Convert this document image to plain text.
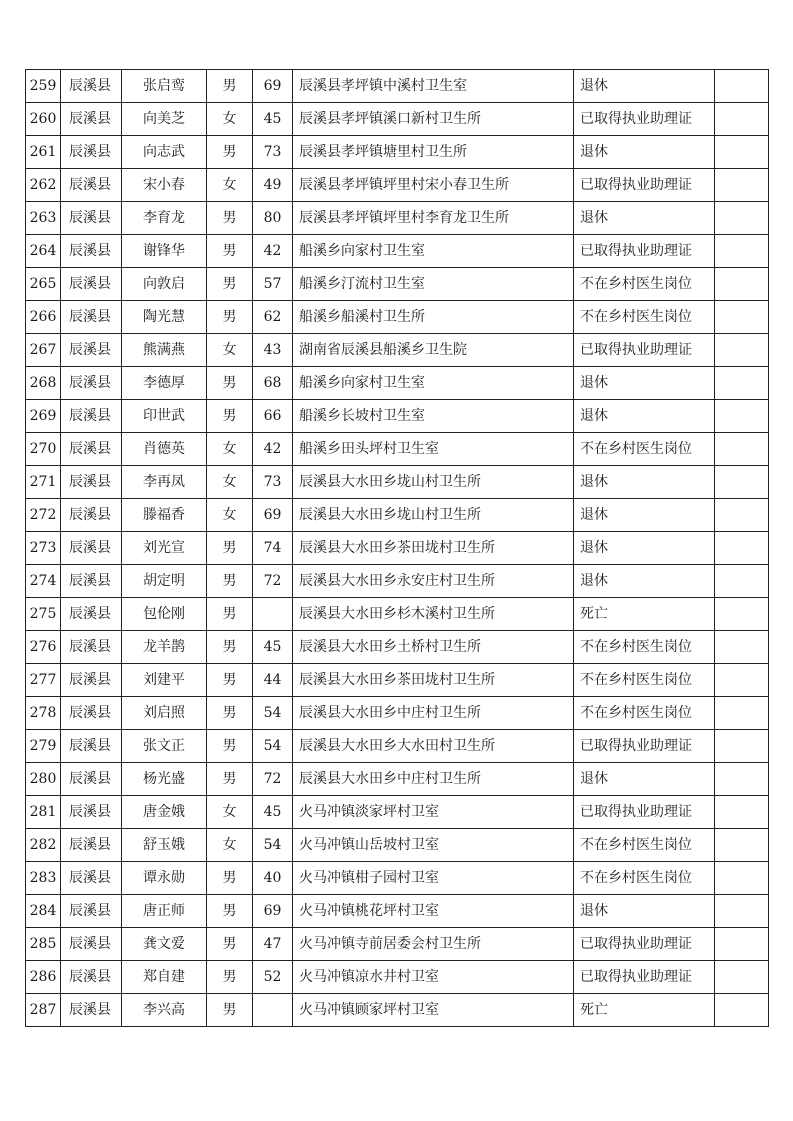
259	辰溪县	张启鸾	男	69	辰溪县孝坪镇中溪村卫生室	退休	
260	辰溪县	向美芝	女	45	辰溪县孝坪镇溪口新村卫生所	已取得执业助理证	
261	辰溪县	向志武	男	73	辰溪县孝坪镇塘里村卫生所	退休	
262	辰溪县	宋小春	女	49	辰溪县孝坪镇坪里村宋小春卫生所	已取得执业助理证	
263	辰溪县	李育龙	男	80	辰溪县孝坪镇坪里村李育龙卫生所	退休	
264	辰溪县	谢锋华	男	42	船溪乡向家村卫生室	已取得执业助理证	
265	辰溪县	向敦启	男	57	船溪乡汀流村卫生室	不在乡村医生岗位	
266	辰溪县	陶光慧	男	62	船溪乡船溪村卫生所	不在乡村医生岗位	
267	辰溪县	熊满燕	女	43	湖南省辰溪县船溪乡卫生院	已取得执业助理证	
268	辰溪县	李德厚	男	68	船溪乡向家村卫生室	退休	
269	辰溪县	印世武	男	66	船溪乡长坡村卫生室	退休	
270	辰溪县	肖德英	女	42	船溪乡田头坪村卫生室	不在乡村医生岗位	
271	辰溪县	李再凤	女	73	辰溪县大水田乡垅山村卫生所	退休	
272	辰溪县	滕福香	女	69	辰溪县大水田乡垅山村卫生所	退休	
273	辰溪县	刘光宣	男	74	辰溪县大水田乡茶田垅村卫生所	退休	
274	辰溪县	胡定明	男	72	辰溪县大水田乡永安庄村卫生所	退休	
275	辰溪县	包伦刚	男		辰溪县大水田乡杉木溪村卫生所	死亡	
276	辰溪县	龙羊鹊	男	45	辰溪县大水田乡土桥村卫生所	不在乡村医生岗位	
277	辰溪县	刘建平	男	44	辰溪县大水田乡茶田垅村卫生所	不在乡村医生岗位	
278	辰溪县	刘启照	男	54	辰溪县大水田乡中庄村卫生所	不在乡村医生岗位	
279	辰溪县	张文正	男	54	辰溪县大水田乡大水田村卫生所	已取得执业助理证	
280	辰溪县	杨光盛	男	72	辰溪县大水田乡中庄村卫生所	退休	
281	辰溪县	唐金娥	女	45	火马冲镇淡家坪村卫室	已取得执业助理证	
282	辰溪县	舒玉娥	女	54	火马冲镇山岳坡村卫室	不在乡村医生岗位	
283	辰溪县	谭永勋	男	40	火马冲镇柑子园村卫室	不在乡村医生岗位	
284	辰溪县	唐正师	男	69	火马冲镇桃花坪村卫室	退休	
285	辰溪县	龚文爱	男	47	火马冲镇寺前居委会村卫生所	已取得执业助理证	
286	辰溪县	郑自建	男	52	火马冲镇凉水井村卫室	已取得执业助理证	
287	辰溪县	李兴高	男		火马冲镇顾家坪村卫室	死亡	
